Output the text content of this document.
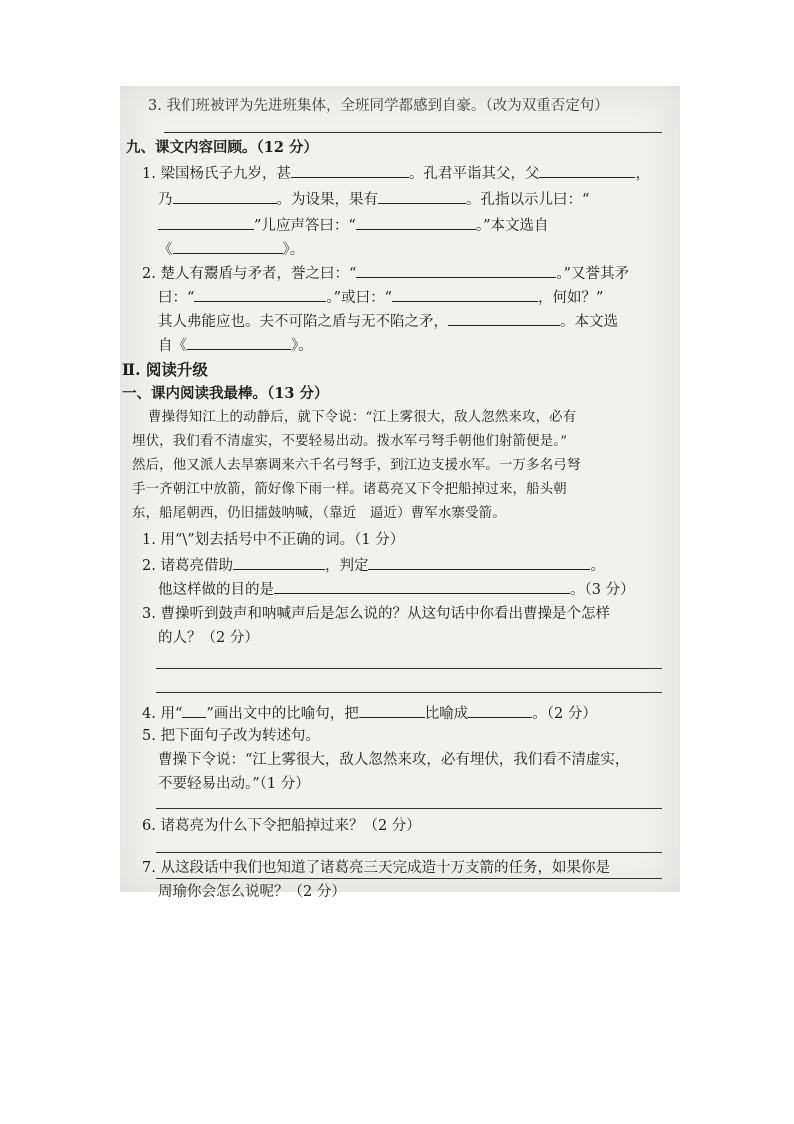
3. 我们班被评为先进班集体，全班同学都感到自豪。（改为双重否定句）
九、课文内容回顾。（12 分）
1. 梁国杨氏子九岁，甚	。孔君平诣其父，父	，
乃	。为设果，果有	。孔指以示儿曰：“
”儿应声答曰：“	。”本文选自
《	》。
2. 楚人有鬻盾与矛者，誉之曰：“	。”又誉其矛
曰：“	。”或曰：“	，何如？”
其人弗能应也。夫不可陷之盾与无不陷之矛，	。本文选
自《	》。
Ⅱ. 阅读升级
一、课内阅读我最棒。（13 分）
曹操得知江上的动静后，就下令说：“江上雾很大，敌人忽然来攻，必有
埋伏，我们看不清虚实，不要轻易出动。拨水军弓弩手朝他们射箭便是。”
然后，他又派人去旱寨调来六千名弓弩手，到江边支援水军。一万多名弓弩
手一齐朝江中放箭，箭好像下雨一样。诸葛亮又下令把船掉过来，船头朝
东，船尾朝西，仍旧擂鼓呐喊，（靠近　逼近）曹军水寨受箭。
1. 用“\”划去括号中不正确的词。（1 分）
2. 诸葛亮借助	，判定	。
他这样做的目的是	。（3 分）
3. 曹操听到鼓声和呐喊声后是怎么说的？从这句话中你看出曹操是个怎样
的人？（2 分）
4. 用“ ”画出文中的比喻句，把	比喻成	。（2 分）
5. 把下面句子改为转述句。
曹操下令说：“江上雾很大，敌人忽然来攻，必有埋伏，我们看不清虚实，
不要轻易出动。”（1 分）
6. 诸葛亮为什么下令把船掉过来？（2 分）
7. 从这段话中我们也知道了诸葛亮三天完成造十万支箭的任务，如果你是
周瑜你会怎么说呢？（2 分）
